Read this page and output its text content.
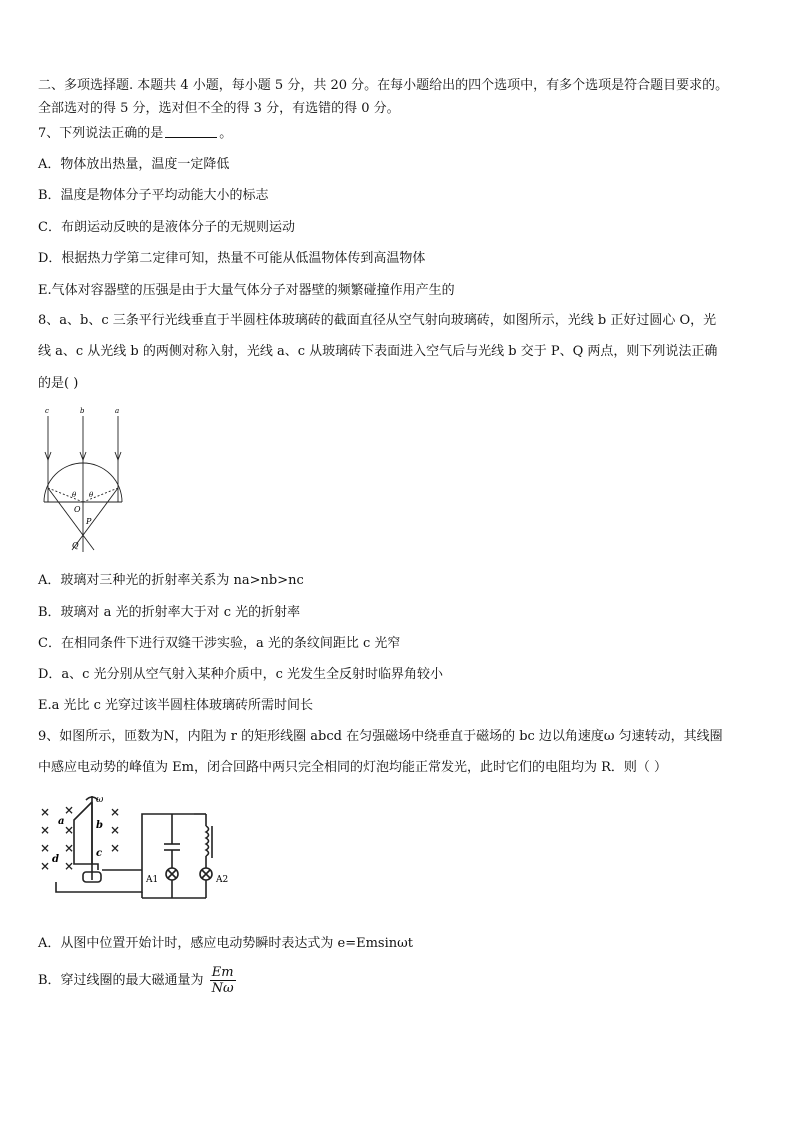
二、多项选择题. 本题共 4 小题，每小题 5 分，共 20 分。在每小题给出的四个选项中，有多个选项是符合题目要求的。
全部选对的得 5 分，选对但不全的得 3 分，有选错的得 0 分。
7、下列说法正确的是	。
A．物体放出热量，温度一定降低
B．温度是物体分子平均动能大小的标志
C．布朗运动反映的是液体分子的无规则运动
D．根据热力学第二定律可知，热量不可能从低温物体传到高温物体
E.气体对容器壁的压强是由于大量气体分子对器壁的频繁碰撞作用产生的
8、a、b、c 三条平行光线垂直于半圆柱体玻璃砖的截面直径从空气射向玻璃砖，如图所示，光线 b 正好过圆心 O，光
线 a、c 从光线 b 的两侧对称入射，光线 a、c 从玻璃砖下表面进入空气后与光线 b 交于 P、Q 两点，则下列说法正确
的是( )
c	b	a
θ θ
O
P
Q
A．玻璃对三种光的折射率关系为 na>nb>nc
B．玻璃对 a 光的折射率大于对 c 光的折射率
C．在相同条件下进行双缝干涉实验，a 光的条纹间距比 c 光窄
D．a、c 光分别从空气射入某种介质中，c 光发生全反射时临界角较小
E.a 光比 c 光穿过该半圆柱体玻璃砖所需时间长
9、如图所示，匝数为N，内阻为 r 的矩形线圈 abcd 在匀强磁场中绕垂直于磁场的 bc 边以角速度ω 匀速转动，其线圈
中感应电动势的峰值为 Em，闭合回路中两只完全相同的灯泡均能正常发光，此时它们的电阻均为 R．则（ ）
× ×	×
× ×	×
× ×	×
× ×
ω
a	b
c
d
A1	A2
A．从图中位置开始计时，感应电动势瞬时表达式为 e=Emsinωt
B．穿过线圈的最大磁通量为 $\frac{Em}{N\omega}$
